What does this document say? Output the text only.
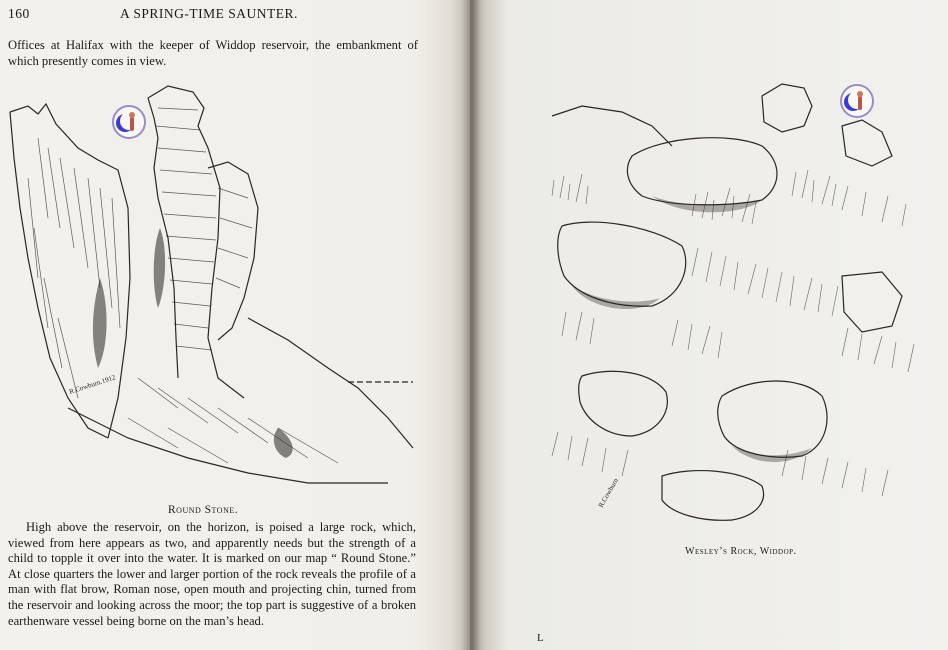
160	A SPRING-TIME SAUNTER.

Offices at Halifax with the keeper of Widdop reservoir, the embankment of which presently comes in view.

R.Cowburn.1912
Round Stone.

High above the reservoir, on the horizon, is poised a large rock, which, viewed from here appears as two, and apparently needs but the strength of a child to topple it over into the water. It is marked on our map “ Round Stone.” At close quarters the lower and larger portion of the rock reveals the profile of a man with flat brow, Roman nose, open mouth and projecting chin, turned from the reservoir and looking across the moor; the top part is suggestive of a broken earthenware vessel being borne on the man’s head.

R.Cowburn
Wesley’s Rock, Widdop.
L
